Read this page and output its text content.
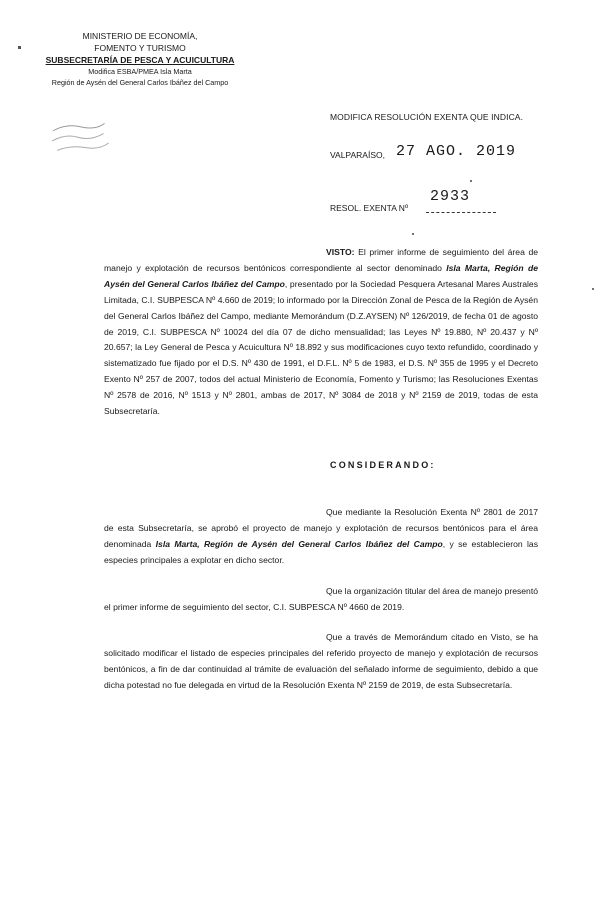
MINISTERIO DE ECONOMÍA,
FOMENTO Y TURISMO
SUBSECRETARÍA DE PESCA Y ACUICULTURA
Modifica ESBA/PMEA Isla Marta
Región de Aysén del General Carlos Ibáñez del Campo
MODIFICA RESOLUCIÓN EXENTA QUE INDICA.
VALPARAÍSO, 27 AGO. 2019
2933
RESOL. EXENTA Nº
VISTO: El primer informe de seguimiento del área de manejo y explotación de recursos bentónicos correspondiente al sector denominado Isla Marta, Región de Aysén del General Carlos Ibáñez del Campo, presentado por la Sociedad Pesquera Artesanal Mares Australes Limitada, C.I. SUBPESCA Nº 4.660 de 2019; lo informado por la Dirección Zonal de Pesca de la Región de Aysén del General Carlos Ibáñez del Campo, mediante Memorándum (D.Z.AYSEN) Nº 126/2019, de fecha 01 de agosto de 2019, C.I. SUBPESCA Nº 10024 del día 07 de dicho mensualidad; las Leyes Nº 19.880, Nº 20.437 y Nº 20.657; la Ley General de Pesca y Acuicultura Nº 18.892 y sus modificaciones cuyo texto refundido, coordinado y sistematizado fue fijado por el D.S. Nº 430 de 1991, el D.F.L. Nº 5 de 1983, el D.S. Nº 355 de 1995 y el Decreto Exento Nº 257 de 2007, todos del actual Ministerio de Economía, Fomento y Turismo; las Resoluciones Exentas Nº 2578 de 2016, Nº 1513 y Nº 2801, ambas de 2017, Nº 3084 de 2018 y Nº 2159 de 2019, todas de esta Subsecretaría.
CONSIDERANDO:
Que mediante la Resolución Exenta Nº 2801 de 2017 de esta Subsecretaría, se aprobó el proyecto de manejo y explotación de recursos bentónicos para el área denominada Isla Marta, Región de Aysén del General Carlos Ibáñez del Campo, y se establecieron las especies principales a explotar en dicho sector.
Que la organización titular del área de manejo presentó el primer informe de seguimiento del sector, C.I. SUBPESCA Nº 4660 de 2019.
Que a través de Memorándum citado en Visto, se ha solicitado modificar el listado de especies principales del referido proyecto de manejo y explotación de recursos bentónicos, a fin de dar continuidad al trámite de evaluación del señalado informe de seguimiento, debido a que dicha potestad no fue delegada en virtud de la Resolución Exenta Nº 2159 de 2019, de esta Subsecretaría.
